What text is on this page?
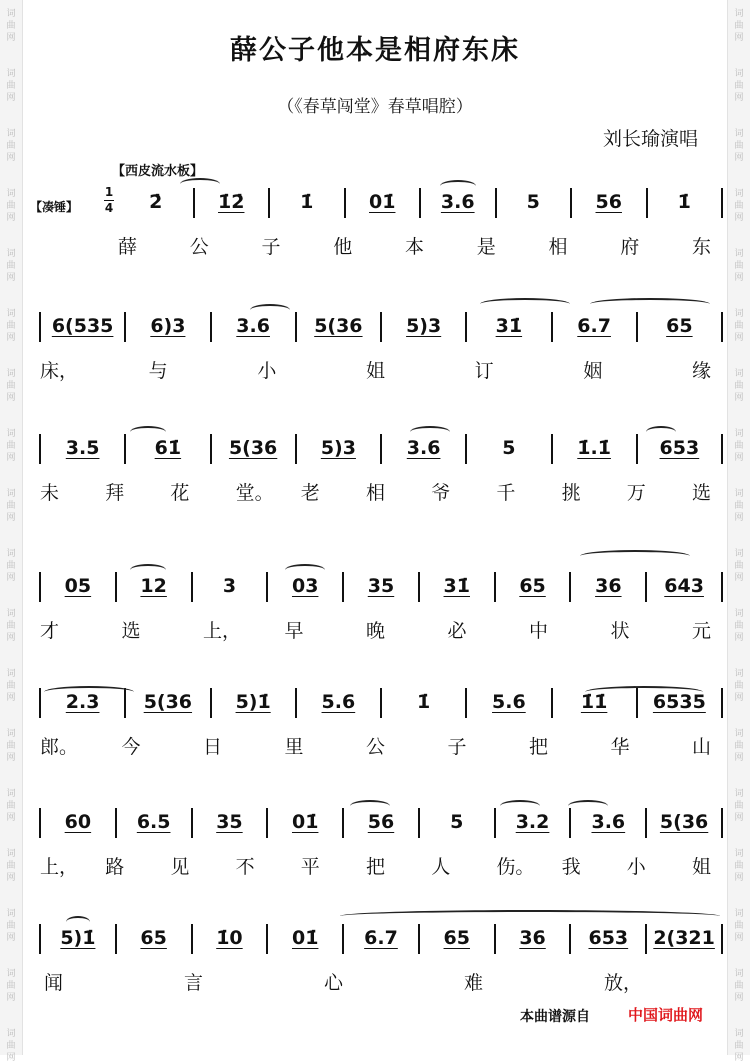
词
曲
网
词
曲
网
词
曲
网
词
曲
网
词
曲
网
词
曲
网
词
曲
网
词
曲
网
词
曲
网
词
曲
网
词
曲
网
词
曲
网
词
曲
网
词
曲
网
词
曲
网
词
曲
网
词
曲
网
词
曲
网
词
曲
网
词
曲
网
词
曲
网
词
曲
网
词
曲
网
词
曲
网
词
曲
网
词
曲
网
词
曲
网
词
曲
网
词
曲
网
词
曲
网
词
曲
网
词
曲
网
词
曲
网
词
曲
网
词
曲
网
词
曲
网
薛公子他本是相府东床
（《春草闯堂》春草唱腔）
刘长瑜演唱
【西皮流水板】
【凑锤】
1
4	2̇	1̇2̇	1̇	01̇	3.6	5	56	1̇
薛	公	子	他	本	是	相	府	东
6(535	6)3	3.6	5(36	5)3	31̇	6.7	65
床，	与	小	姐	订	姻	缘
3.5	61̇	5(36	5)3	3.6	5	1̇.1̇	653
未 拜 花 堂。 老 相 爷 千 挑 万 选
05	12	3	03	35	31̇	65	36	643
才	选	上， 早	晚	必	中	状	元
2.3	5(36	5)1̇	5.6	1̇	5.6	1̇1̇	6535
郎。 今	日	里	公	子	把	华	山
60	6.5	35	01̇	56	5	3.2	3.6	5(36
上， 路 见 不 平 把 人 伤。 我 小 姐
5)1̇	65	1̇0	01̇	6.7	65	36	653	2(321
闻	言	心	难	放，
本曲谱源自	中国词曲网
